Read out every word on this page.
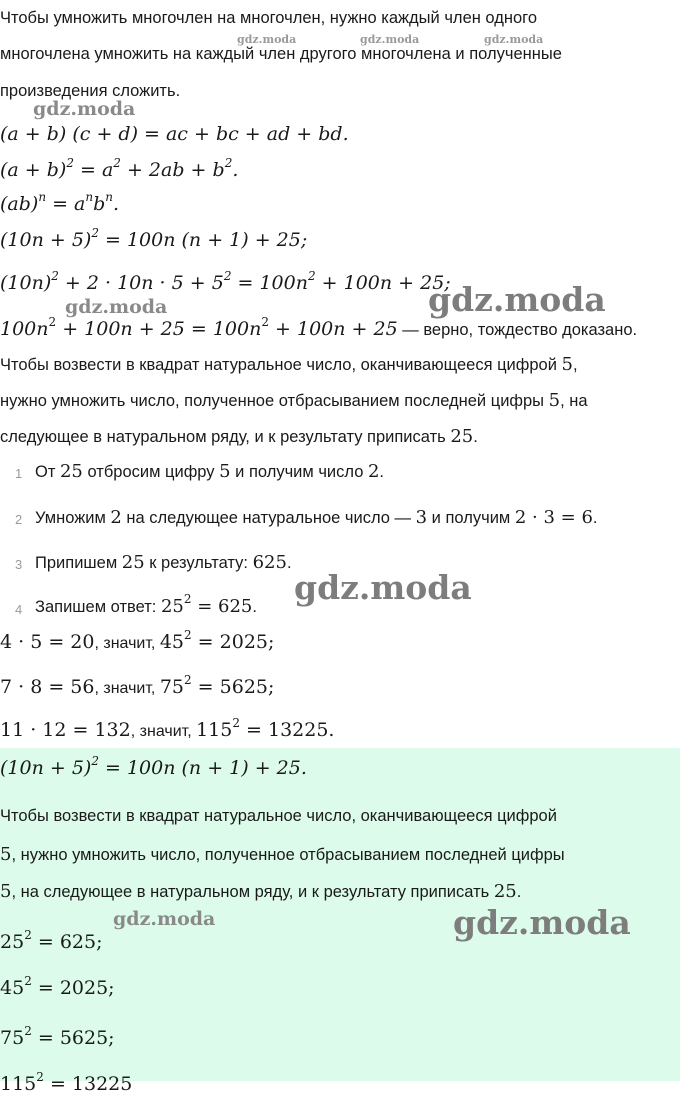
Чтобы умножить многочлен на многочлен, нужно каждый член одного
многочлена умножить на каждый член другого многочлена и полученные
произведения сложить.
gdz.moda	gdz.moda	gdz.moda
gdz.moda
(a + b) (c + d) = ac + bc + ad + bd.
$(a + b)^2 = a^2 + 2ab + b^2$.
$(ab)^n = a^nb^n$.
$(10n + 5)^2 = 100n$ (n + 1) + 25;
$(10n)^2 + 2 \cdot 10n \cdot 5 + 5^2 = 100n^2 + 100n + 25$;
gdz.moda	gdz.moda
$100n^2 + 100n + 25 = 100n^2 + 100n + 25$ — верно, тождество доказано.
Чтобы возвести в квадрат натуральное число, оканчивающееся цифрой 5,
нужно умножить число, полученное отбрасыванием последней цифры 5, на
следующее в натуральном ряду, и к результату приписать 25.
1 От 25 отбросим цифру 5 и получим число 2.
2 Умножим 2 на следующее натуральное число — 3 и получим 2 · 3 = 6.
3 Припишем 25 к результату: 625.
gdz.moda
4 Запишем ответ: $25^2 = 625$.
4 · 5 = 20, значит, $45^2 = 2025$;
7 · 8 = 56, значит, $75^2 = 5625$;
11 · 12 = 132, значит, $115^2 = 13225$.
$(10n + 5)^2 = 100n$ (n + 1) + 25.
Чтобы возвести в квадрат натуральное число, оканчивающееся цифрой
5, нужно умножить число, полученное отбрасыванием последней цифры
5, на следующее в натуральном ряду, и к результату приписать 25.
gdz.moda	gdz.moda
$25^2 = 625$;
$45^2 = 2025$;
$75^2 = 5625$;
$115^2 = 13225$
